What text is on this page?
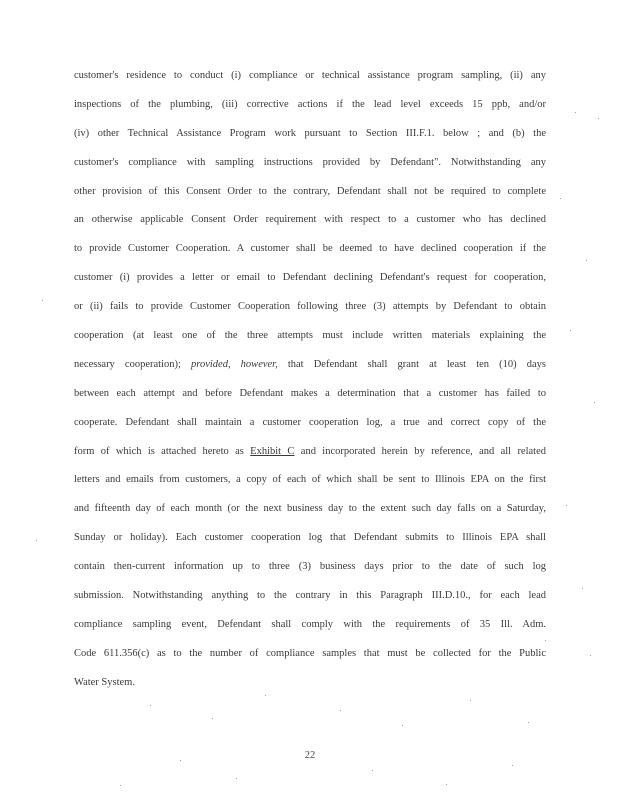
customer's residence to conduct (i) compliance or technical assistance program sampling, (ii) any
inspections of the plumbing, (iii) corrective actions if the lead level exceeds 15 ppb, and/or
(iv) other Technical Assistance Program work pursuant to Section III.F.1. below ; and (b) the
customer's compliance with sampling instructions provided by Defendant". Notwithstanding any
other provision of this Consent Order to the contrary, Defendant shall not be required to complete
an otherwise applicable Consent Order requirement with respect to a customer who has declined
to provide Customer Cooperation. A customer shall be deemed to have declined cooperation if the
customer (i) provides a letter or email to Defendant declining Defendant's request for cooperation,
or (ii) fails to provide Customer Cooperation following three (3) attempts by Defendant to obtain
cooperation (at least one of the three attempts must include written materials explaining the
necessary cooperation); provided, however, that Defendant shall grant at least ten (10) days
between each attempt and before Defendant makes a determination that a customer has failed to
cooperate. Defendant shall maintain a customer cooperation log, a true and correct copy of the
form of which is attached hereto as Exhibit C and incorporated herein by reference, and all related
letters and emails from customers, a copy of each of which shall be sent to Illinois EPA on the first
and fifteenth day of each month (or the next business day to the extent such day falls on a Saturday,
Sunday or holiday). Each customer cooperation log that Defendant submits to Illinois EPA shall
contain then-current information up to three (3) business days prior to the date of such log
submission. Notwithstanding anything to the contrary in this Paragraph III.D.10., for each lead
compliance sampling event, Defendant shall comply with the requirements of 35 Ill. Adm.
Code 611.356(c) as to the number of compliance samples that must be collected for the Public
Water System.
22
